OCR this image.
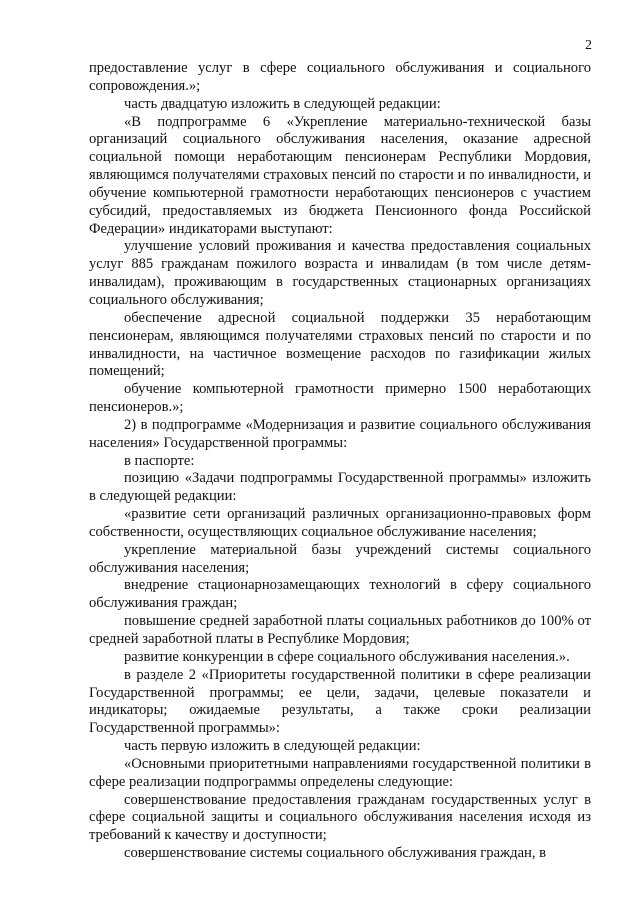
2

предоставление услуг в сфере социального обслуживания и социального сопровождения.»;

часть двадцатую изложить в следующей редакции:

«В подпрограмме 6 «Укрепление материально-технической базы организаций социального обслуживания населения, оказание адресной социальной помощи неработающим пенсионерам Республики Мордовия, являющимся получателями страховых пенсий по старости и по инвалидности, и обучение компьютерной грамотности неработающих пенсионеров с участием субсидий, предоставляемых из бюджета Пенсионного фонда Российской Федерации» индикаторами выступают:

улучшение условий проживания и качества предоставления социальных услуг 885 гражданам пожилого возраста и инвалидам (в том числе детям-инвалидам), проживающим в государственных стационарных организациях социального обслуживания;

обеспечение адресной социальной поддержки 35 неработающим пенсионерам, являющимся получателями страховых пенсий по старости и по инвалидности, на частичное возмещение расходов по газификации жилых помещений;

обучение компьютерной грамотности примерно 1500 неработающих пенсионеров.»;

2) в подпрограмме «Модернизация и развитие социального обслуживания населения» Государственной программы:

в паспорте:

позицию «Задачи подпрограммы Государственной программы» изложить в следующей редакции:

«развитие сети организаций различных организационно-правовых форм собственности, осуществляющих социальное обслуживание населения;

укрепление материальной базы учреждений системы социального обслуживания населения;

внедрение стационарнозамещающих технологий в сферу социального обслуживания граждан;

повышение средней заработной платы социальных работников до 100% от средней заработной платы в Республике Мордовия;

развитие конкуренции в сфере социального обслуживания населения.».

в разделе 2 «Приоритеты государственной политики в сфере реализации Государственной программы; ее цели, задачи, целевые показатели и индикаторы; ожидаемые результаты, а также сроки реализации Государственной программы»:

часть первую изложить в следующей редакции:

«Основными приоритетными направлениями государственной политики в сфере реализации подпрограммы определены следующие:

совершенствование предоставления гражданам государственных услуг в сфере социальной защиты и социального обслуживания населения исходя из требований к качеству и доступности;

совершенствование системы социального обслуживания граждан, в
